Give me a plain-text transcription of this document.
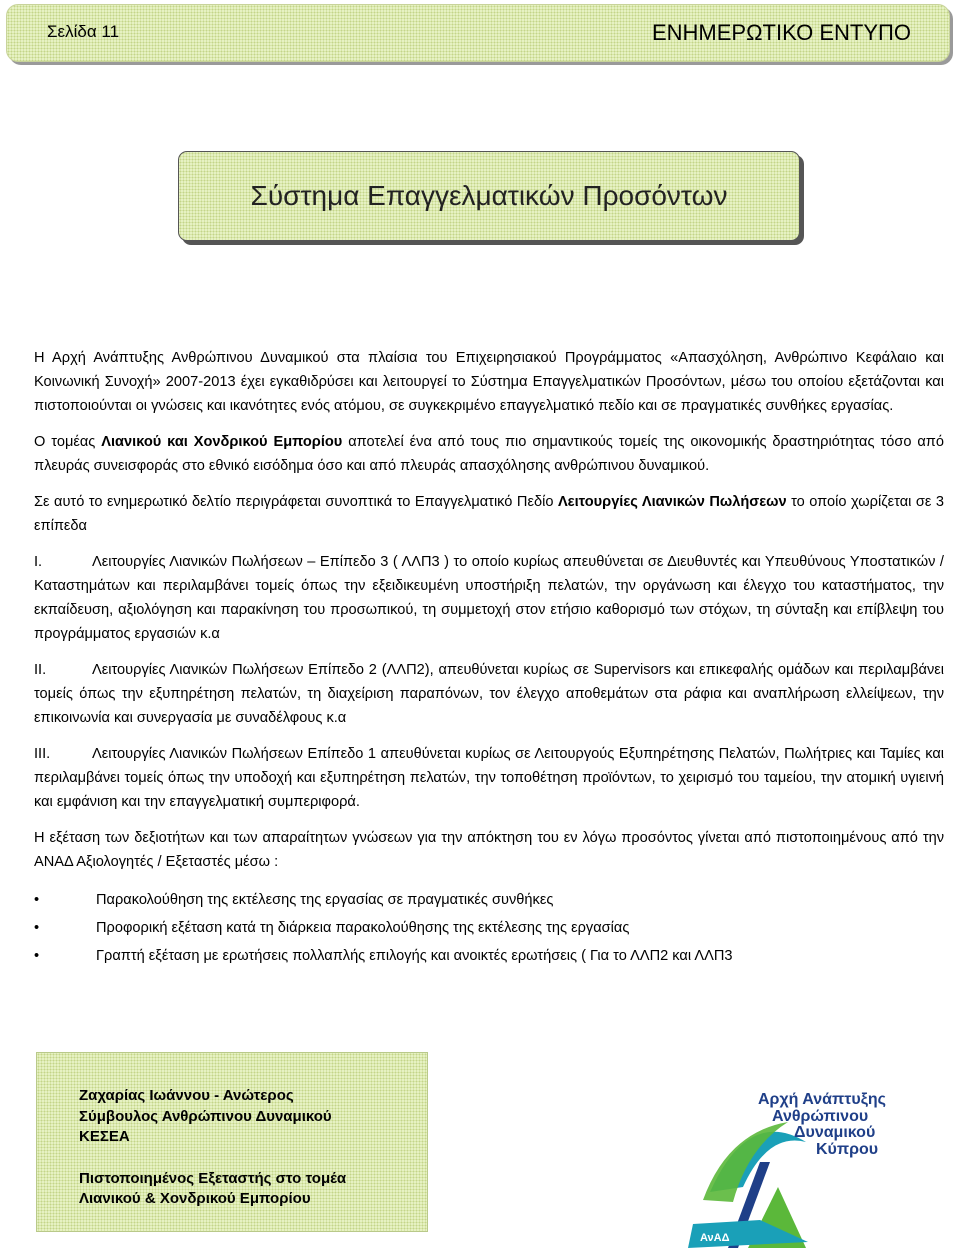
Σελίδα 11	ΕΝΗΜΕΡΩΤΙΚΟ ΕΝΤΥΠΟ
Σύστημα Επαγγελματικών Προσόντων

Η Αρχή Ανάπτυξης Ανθρώπινου Δυναμικού στα πλαίσια του Επιχειρησιακού Προγράμματος «Απασχόληση, Ανθρώπινο Κεφάλαιο και Κοινωνική Συνοχή» 2007-2013 έχει εγκαθιδρύσει και λειτουργεί το Σύστημα Επαγγελματικών Προσόντων, μέσω του οποίου εξετάζονται και πιστοποιούνται οι γνώσεις και ικανότητες ενός ατόμου, σε συγκεκριμένο επαγγελματικό πεδίο και σε πραγματικές συνθήκες εργασίας.

Ο τομέας Λιανικού και Χονδρικού Εμπορίου αποτελεί ένα από τους πιο σημαντικούς τομείς της οικονομικής δραστηριότητας τόσο από πλευράς συνεισφοράς στο εθνικό εισόδημα όσο και από πλευράς απασχόλησης ανθρώπινου δυναμικού.

Σε αυτό το ενημερωτικό δελτίο περιγράφεται συνοπτικά το Επαγγελματικό Πεδίο Λειτουργίες Λιανικών Πωλήσεων το οποίο χωρίζεται σε 3 επίπεδα

I.	Λειτουργίες Λιανικών Πωλήσεων – Επίπεδο 3 ( ΛΛΠ3 ) το οποίο κυρίως απευθύνεται σε Διευθυντές και Υπευθύνους Υποστατικών / Καταστημάτων και περιλαμβάνει τομείς όπως την εξειδικευμένη υποστήριξη πελατών, την οργάνωση και έλεγχο του καταστήματος, την εκπαίδευση, αξιολόγηση και παρακίνηση του προσωπικού, τη συμμετοχή στον ετήσιο καθορισμό των στόχων, τη σύνταξη και επίβλεψη του προγράμματος εργασιών κ.α

II.	Λειτουργίες Λιανικών Πωλήσεων Επίπεδο 2 (ΛΛΠ2), απευθύνεται κυρίως σε Supervisors και επικεφαλής ομάδων και περιλαμβάνει τομείς όπως την εξυπηρέτηση πελατών, τη διαχείριση παραπόνων, τον έλεγχο αποθεμάτων στα ράφια και αναπλήρωση ελλείψεων, την επικοινωνία και συνεργασία με συναδέλφους κ.α

III.	Λειτουργίες Λιανικών Πωλήσεων Επίπεδο 1 απευθύνεται κυρίως σε Λειτουργούς Εξυπηρέτησης Πελατών, Πωλήτριες και Ταμίες και περιλαμβάνει τομείς όπως την υποδοχή και εξυπηρέτηση πελατών, την τοποθέτηση προϊόντων, το χειρισμό του ταμείου, την ατομική υγιεινή και εμφάνιση και την επαγγελματική συμπεριφορά.

Η εξέταση των δεξιοτήτων και των απαραίτητων γνώσεων για την απόκτηση του εν λόγω προσόντος γίνεται από πιστοποιημένους από την ΑΝΑΔ Αξιολογητές / Εξεταστές μέσω :

•	Παρακολούθηση της εκτέλεσης της εργασίας σε πραγματικές συνθήκες
•	Προφορική εξέταση κατά τη διάρκεια παρακολούθησης της εκτέλεσης της εργασίας
•	Γραπτή εξέταση με ερωτήσεις πολλαπλής επιλογής και ανοικτές ερωτήσεις ( Για το ΛΛΠ2 και ΛΛΠ3
Ζαχαρίας Ιωάννου - Ανώτερος
Σύμβουλος Ανθρώπινου Δυναμικού
ΚΕΣΕΑ
Πιστοποιημένος Εξεταστής στο τομέα
Λιανικού & Χονδρικού Εμπορίου
Αρχή Ανάπτυξης
Ανθρώπινου
Δυναμικού
Κύπρου
ΑνΑΔ
